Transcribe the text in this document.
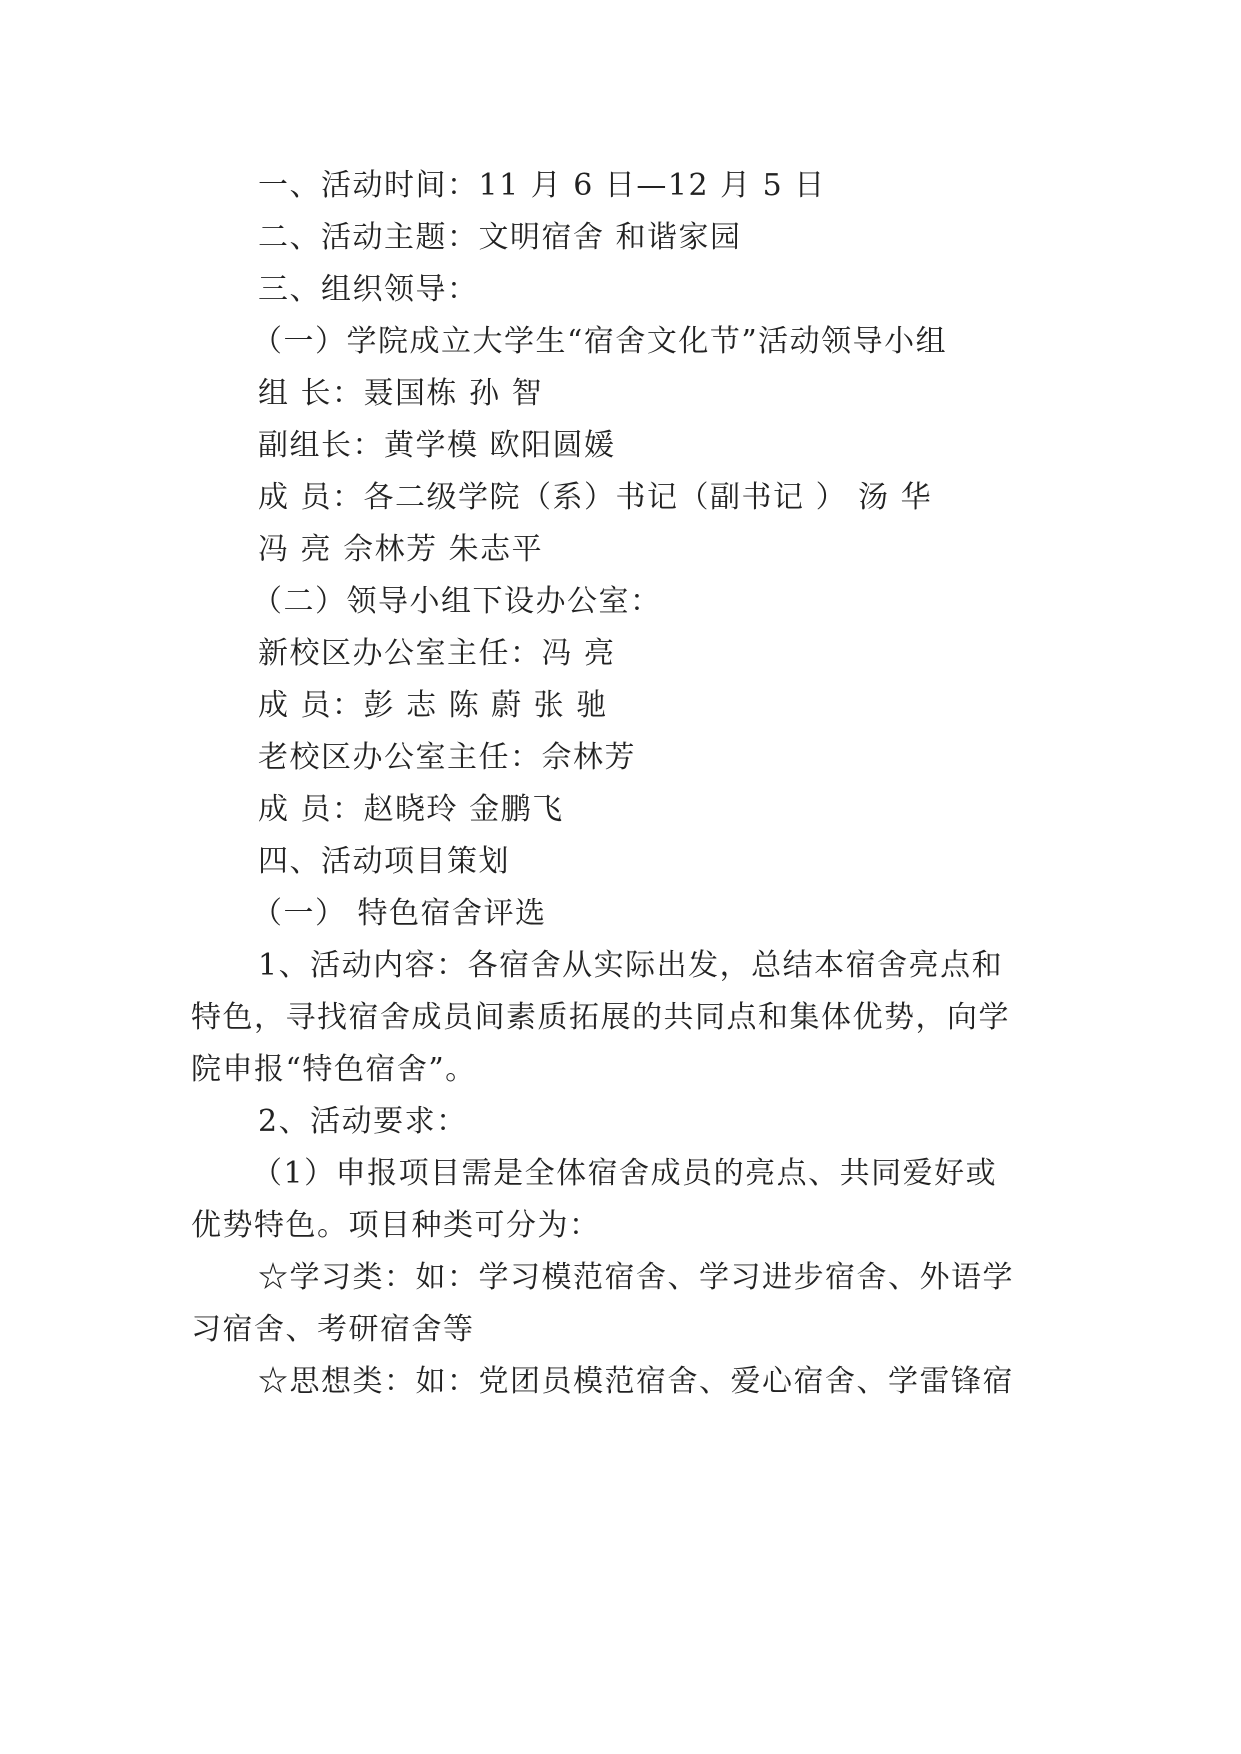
一、活动时间：11 月 6 日—12 月 5 日
二、活动主题：文明宿舍 和谐家园
三、组织领导：
（一）学院成立大学生“宿舍文化节”活动领导小组
组 长：聂国栋 孙 智
副组长：黄学模 欧阳圆媛
成 员：各二级学院（系）书记（副书记 ） 汤 华
冯 亮 佘林芳 朱志平
（二）领导小组下设办公室：
新校区办公室主任：冯 亮
成 员：彭 志 陈 蔚 张 驰
老校区办公室主任：佘林芳
成 员：赵晓玲 金鹏飞
四、活动项目策划
（一） 特色宿舍评选
1、活动内容：各宿舍从实际出发，总结本宿舍亮点和
特色，寻找宿舍成员间素质拓展的共同点和集体优势，向学
院申报“特色宿舍”。
2、活动要求：
（1）申报项目需是全体宿舍成员的亮点、共同爱好或
优势特色。项目种类可分为：
☆学习类：如：学习模范宿舍、学习进步宿舍、外语学
习宿舍、考研宿舍等
☆思想类：如：党团员模范宿舍、爱心宿舍、学雷锋宿
